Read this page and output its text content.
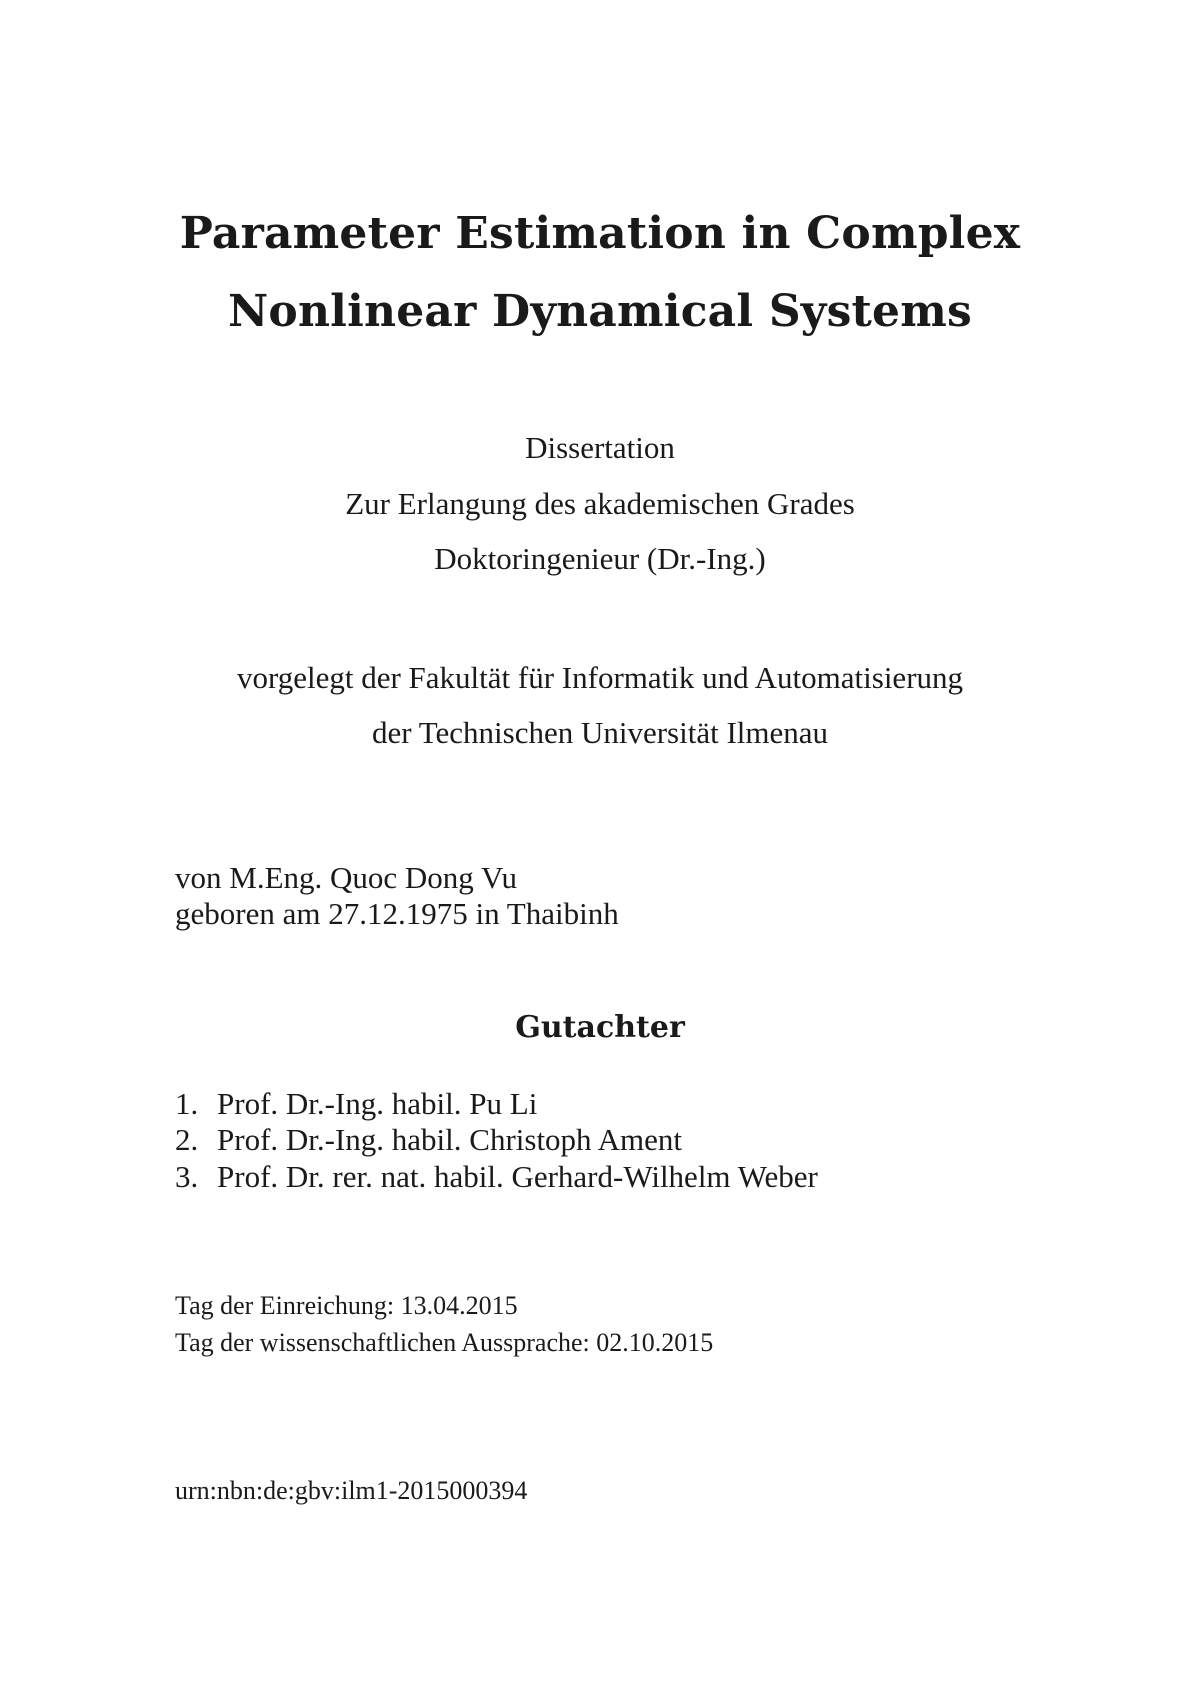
Parameter Estimation in Complex
Nonlinear Dynamical Systems
Dissertation
Zur Erlangung des akademischen Grades
Doktoringenieur (Dr.-Ing.)
vorgelegt der Fakultät für Informatik und Automatisierung
der Technischen Universität Ilmenau
von M.Eng. Quoc Dong Vu
geboren am 27.12.1975 in Thaibinh
Gutachter
1. Prof. Dr.-Ing. habil. Pu Li
2. Prof. Dr.-Ing. habil. Christoph Ament
3. Prof. Dr. rer. nat. habil. Gerhard-Wilhelm Weber
Tag der Einreichung: 13.04.2015
Tag der wissenschaftlichen Aussprache: 02.10.2015
urn:nbn:de:gbv:ilm1-2015000394
